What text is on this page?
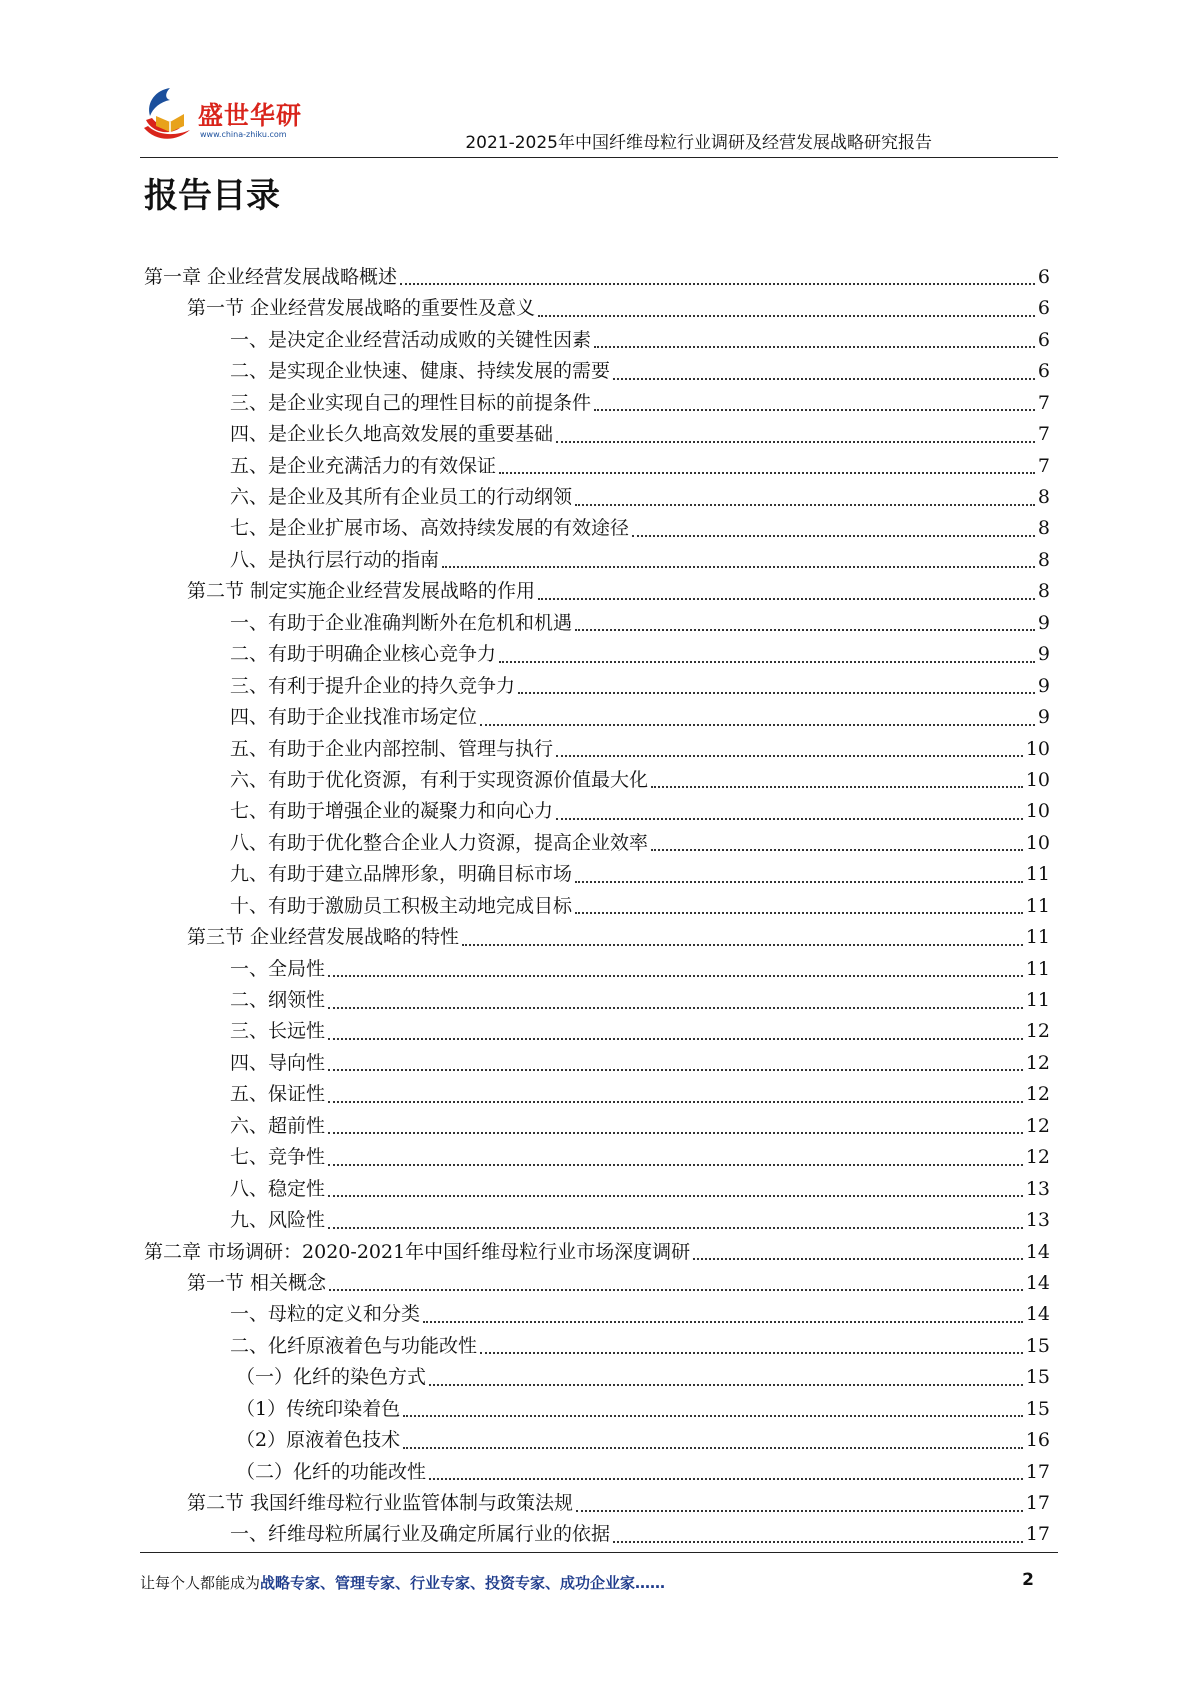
盛世华研
www.china-zhiku.com	2021-2025年中国纤维母粒行业调研及经营发展战略研究报告
报告目录
第一章 企业经营发展战略概述	6
第一节 企业经营发展战略的重要性及意义	6
一、是决定企业经营活动成败的关键性因素	6
二、是实现企业快速、健康、持续发展的需要	6
三、是企业实现自己的理性目标的前提条件	7
四、是企业长久地高效发展的重要基础	7
五、是企业充满活力的有效保证	7
六、是企业及其所有企业员工的行动纲领	8
七、是企业扩展市场、高效持续发展的有效途径	8
八、是执行层行动的指南	8
第二节 制定实施企业经营发展战略的作用	8
一、有助于企业准确判断外在危机和机遇	9
二、有助于明确企业核心竞争力	9
三、有利于提升企业的持久竞争力	9
四、有助于企业找准市场定位	9
五、有助于企业内部控制、管理与执行	10
六、有助于优化资源，有利于实现资源价值最大化	10
七、有助于增强企业的凝聚力和向心力	10
八、有助于优化整合企业人力资源，提高企业效率	10
九、有助于建立品牌形象，明确目标市场	11
十、有助于激励员工积极主动地完成目标	11
第三节 企业经营发展战略的特性	11
一、全局性	11
二、纲领性	11
三、长远性	12
四、导向性	12
五、保证性	12
六、超前性	12
七、竞争性	12
八、稳定性	13
九、风险性	13
第二章 市场调研：2020-2021年中国纤维母粒行业市场深度调研	14
第一节 相关概念	14
一、母粒的定义和分类	14
二、化纤原液着色与功能改性	15
（一）化纤的染色方式	15
（1）传统印染着色	15
（2）原液着色技术	16
（二）化纤的功能改性	17
第二节 我国纤维母粒行业监管体制与政策法规	17
一、纤维母粒所属行业及确定所属行业的依据	17
让每个人都能成为战略专家、管理专家、行业专家、投资专家、成功企业家……	2
